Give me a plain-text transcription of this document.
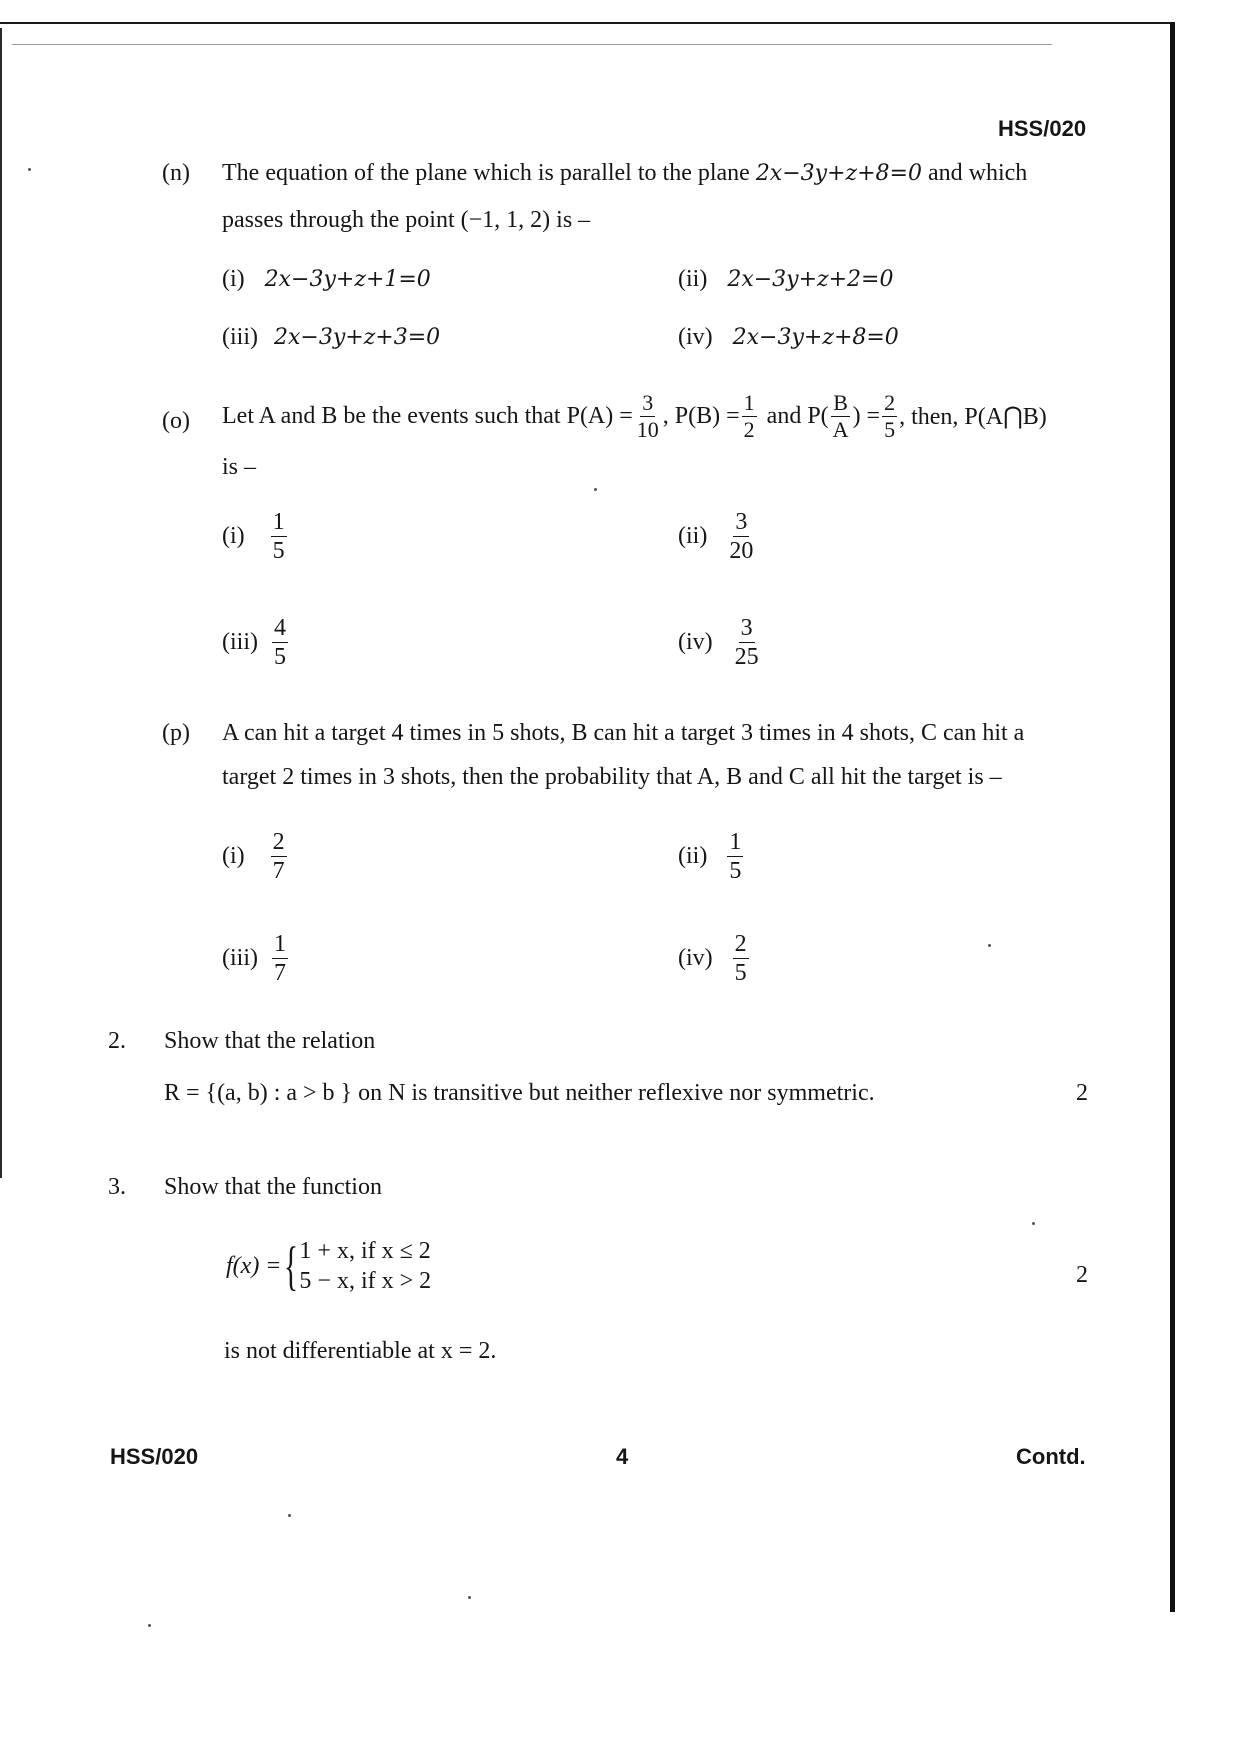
HSS/020
(n) The equation of the plane which is parallel to the plane 2x−3y+z+8=0 and which
passes through the point (−1, 1, 2) is –
(i) 2x−3y+z+1=0	(ii) 2x−3y+z+2=0
(iii) 2x−3y+z+3=0	(iv) 2x−3y+z+8=0
(o) Let A and B be the events such that $P(A) = \frac{3}{10}$ , $P(B) = \frac{1}{2}$ and $P( \frac{B}{A}$ ) = $\frac{2}{5}$ , then, P(A⋂B)
is –
$(i) \frac{1}{5}$	$(ii) \frac{3}{20}$
$(iii) \frac{4}{5}$	$(iv) \frac{3}{25}$
(p) A can hit a target 4 times in 5 shots, B can hit a target 3 times in 4 shots, C can hit a
target 2 times in 3 shots, then the probability that A, B and C all hit the target is –
$(i) \frac{2}{7}$	$(ii) \frac{1}{5}$
$(iii) \frac{1}{7}$	$(iv) \frac{2}{5}$
2. Show that the relation
R = {(a, b) : a > b } on N is transitive but neither reflexive nor symmetric.	2
3. Show that the function
f(x) = { 1 + x, if x ≤ 2
5 − x, if x > 2	2
is not differentiable at x = 2.
HSS/020	4	Contd.
